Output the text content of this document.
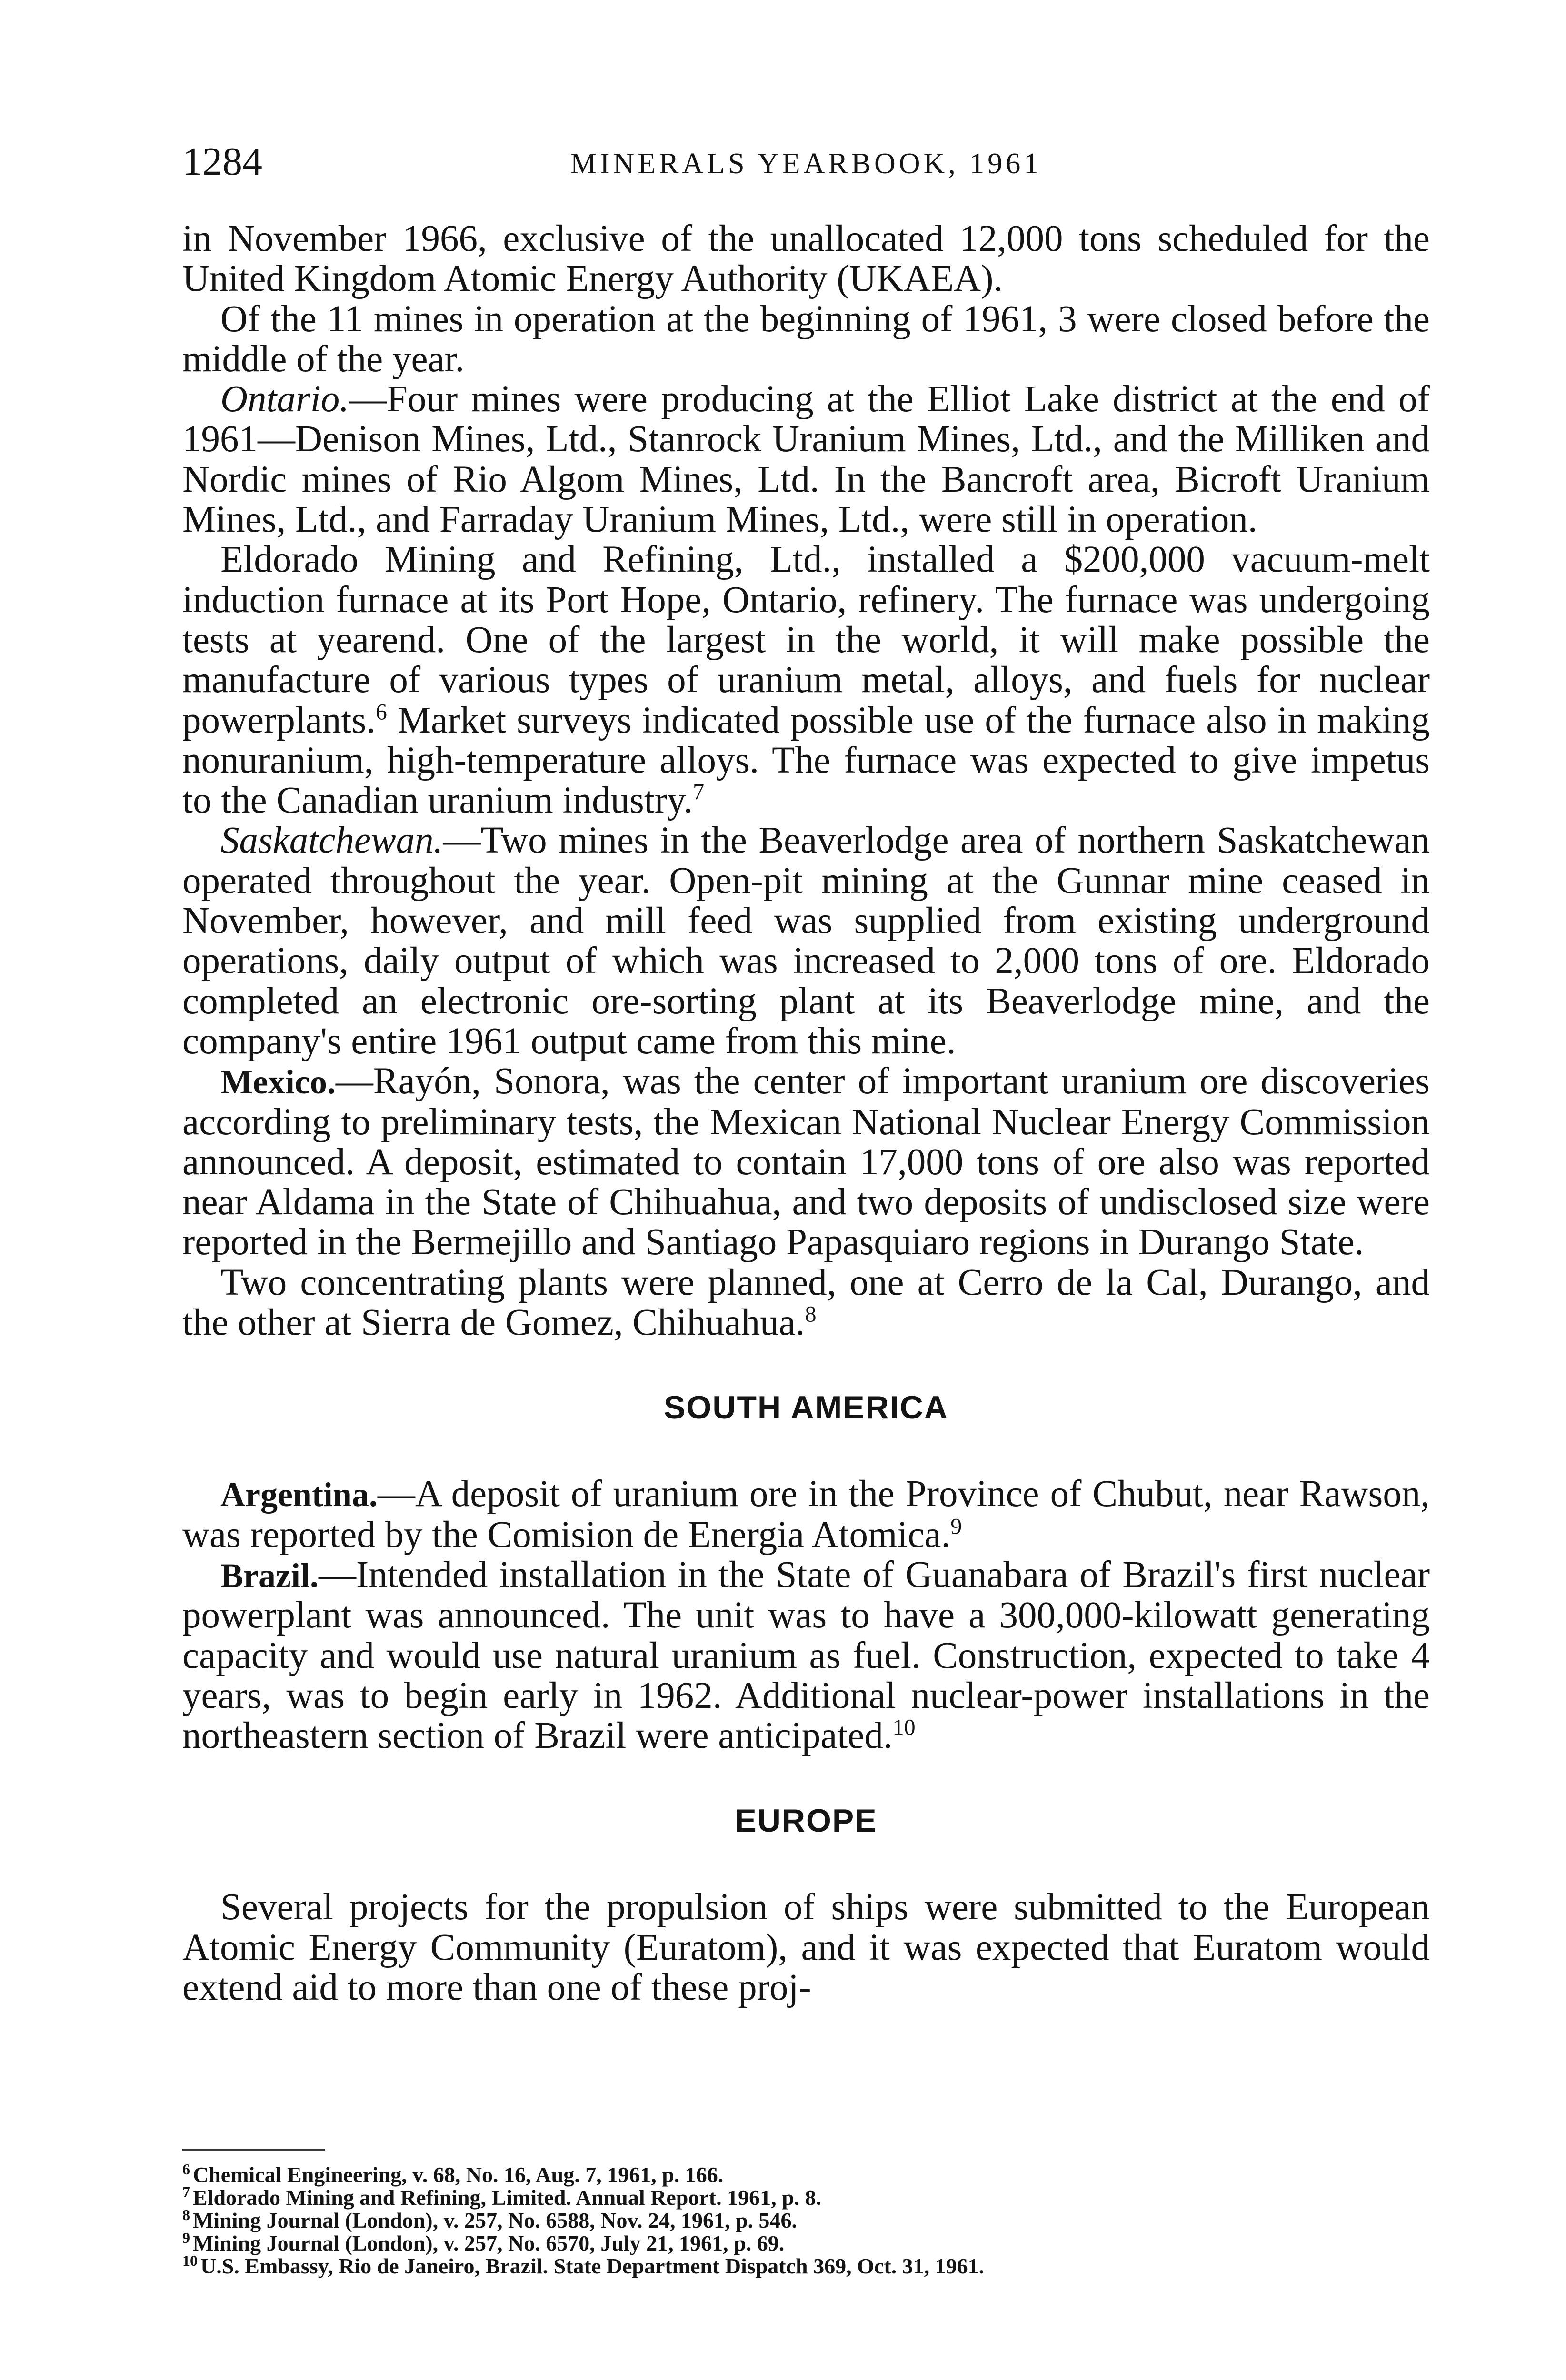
1284	MINERALS YEARBOOK, 1961

in November 1966, exclusive of the unallocated 12,000 tons scheduled for the United Kingdom Atomic Energy Authority (UKAEA).

Of the 11 mines in operation at the beginning of 1961, 3 were closed before the middle of the year.

Ontario.—Four mines were producing at the Elliot Lake district at the end of 1961—Denison Mines, Ltd., Stanrock Uranium Mines, Ltd., and the Milliken and Nordic mines of Rio Algom Mines, Ltd. In the Bancroft area, Bicroft Uranium Mines, Ltd., and Farraday Uranium Mines, Ltd., were still in operation.

Eldorado Mining and Refining, Ltd., installed a $200,000 vacuum-melt induction furnace at its Port Hope, Ontario, refinery. The furnace was undergoing tests at yearend. One of the largest in the world, it will make possible the manufacture of various types of uranium metal, alloys, and fuels for nuclear powerplants.$^6$ Market surveys indicated possible use of the furnace also in making nonuranium, high-temperature alloys. The furnace was expected to give impetus to the Canadian uranium industry.$^7$

Saskatchewan.—Two mines in the Beaverlodge area of northern Saskatchewan operated throughout the year. Open-pit mining at the Gunnar mine ceased in November, however, and mill feed was supplied from existing underground operations, daily output of which was increased to 2,000 tons of ore. Eldorado completed an electronic ore-sorting plant at its Beaverlodge mine, and the company's entire 1961 output came from this mine.

Mexico.—Rayón, Sonora, was the center of important uranium ore discoveries according to preliminary tests, the Mexican National Nuclear Energy Commission announced. A deposit, estimated to contain 17,000 tons of ore also was reported near Aldama in the State of Chihuahua, and two deposits of undisclosed size were reported in the Bermejillo and Santiago Papasquiaro regions in Durango State.

Two concentrating plants were planned, one at Cerro de la Cal, Durango, and the other at Sierra de Gomez, Chihuahua.$^8$

SOUTH AMERICA

Argentina.—A deposit of uranium ore in the Province of Chubut, near Rawson, was reported by the Comision de Energia Atomica.$^9$

Brazil.—Intended installation in the State of Guanabara of Brazil's first nuclear powerplant was announced. The unit was to have a 300,000-kilowatt generating capacity and would use natural uranium as fuel. Construction, expected to take 4 years, was to begin early in 1962. Additional nuclear-power installations in the northeastern section of Brazil were anticipated.$^{10}$

EUROPE

Several projects for the propulsion of ships were submitted to the European Atomic Energy Community (Euratom), and it was expected that Euratom would extend aid to more than one of these proj-

$^6$ Chemical Engineering, v. 68, No. 16, Aug. 7, 1961, p. 166.
$^7$ Eldorado Mining and Refining, Limited. Annual Report. 1961, p. 8.
$^8$ Mining Journal (London), v. 257, No. 6588, Nov. 24, 1961, p. 546.
$^9$ Mining Journal (London), v. 257, No. 6570, July 21, 1961, p. 69.
$^{10}$ U.S. Embassy, Rio de Janeiro, Brazil. State Department Dispatch 369, Oct. 31, 1961.
